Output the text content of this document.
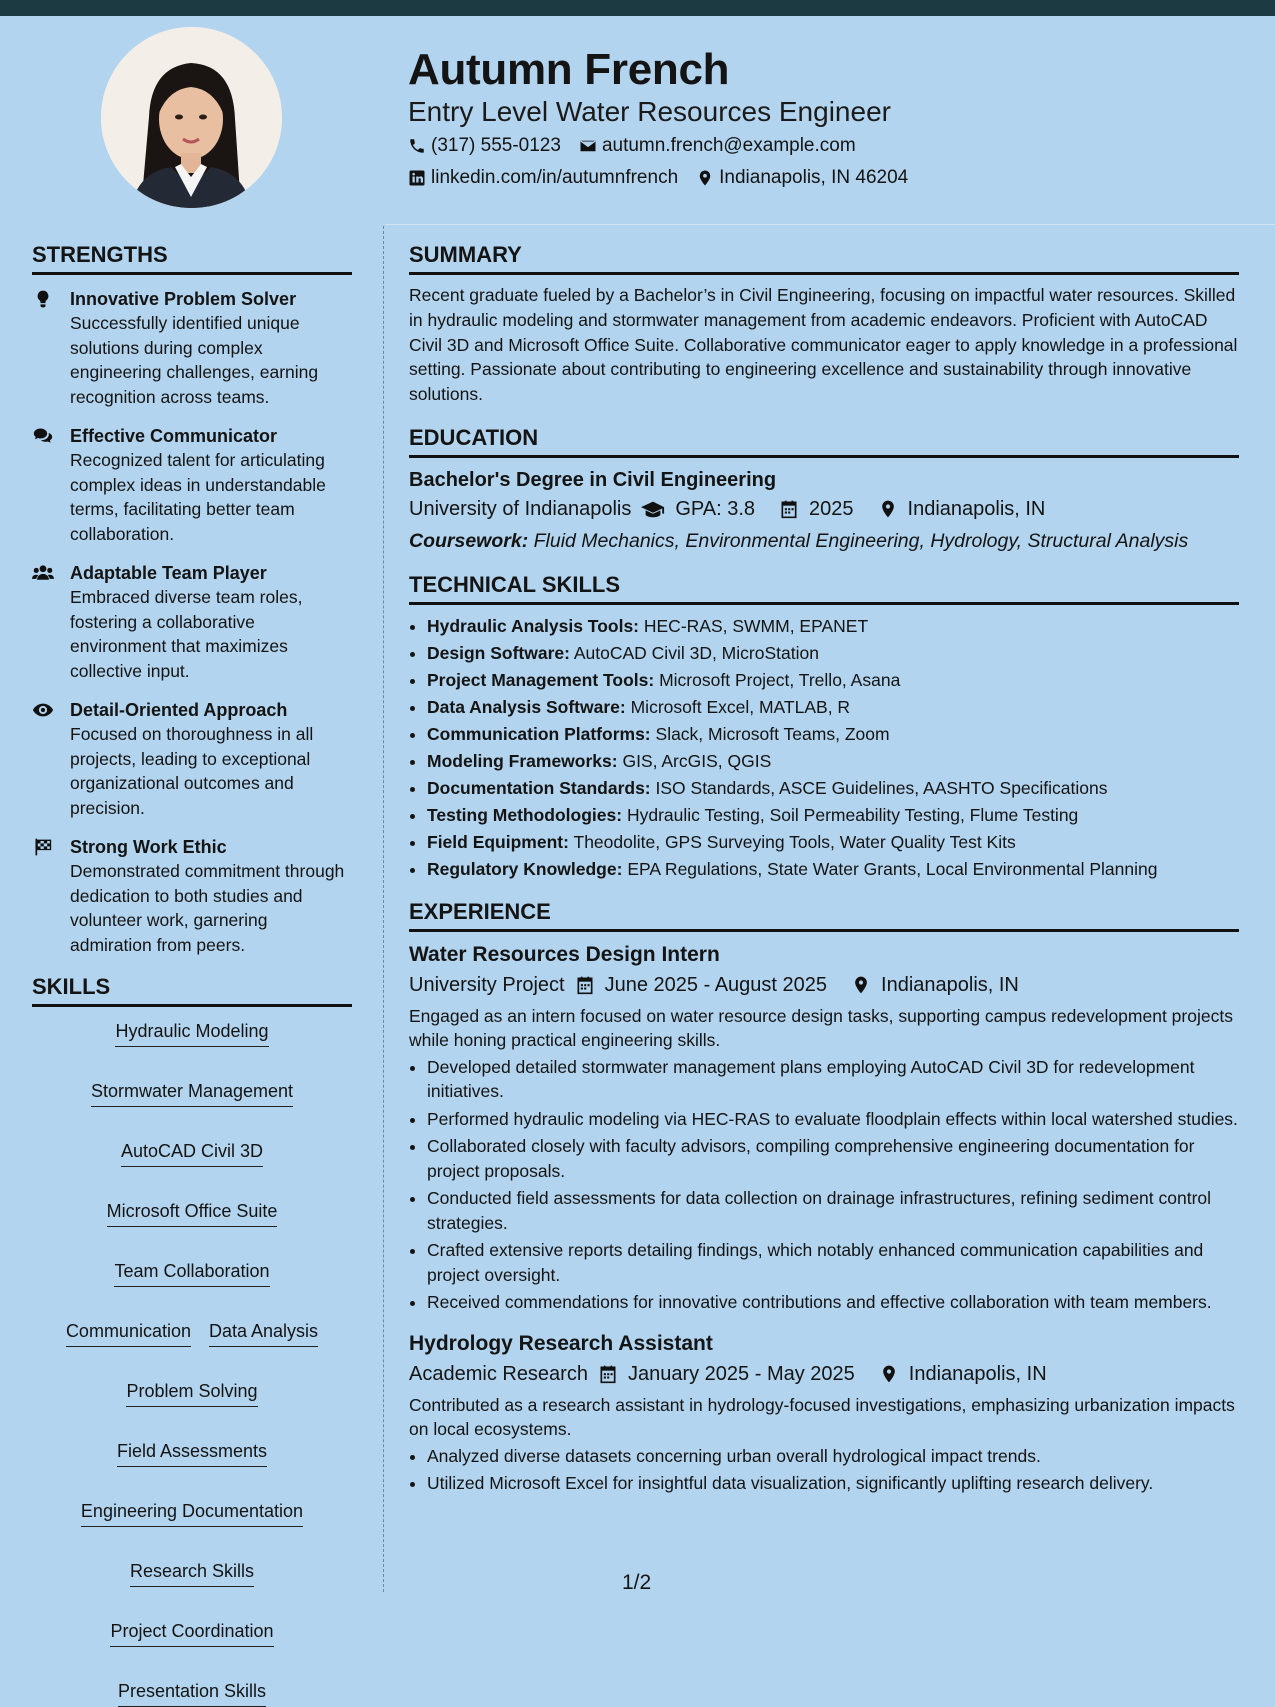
Autumn French
Entry Level Water Resources Engineer
(317) 555-0123 autumn.french@example.com
linkedin.com/in/autumnfrench Indianapolis, IN 46204
STRENGTHS
Innovative Problem Solver
Successfully identified unique solutions during complex engineering challenges, earning recognition across teams.
Effective Communicator
Recognized talent for articulating complex ideas in understandable terms, facilitating better team collaboration.
Adaptable Team Player
Embraced diverse team roles, fostering a collaborative environment that maximizes collective input.
Detail-Oriented Approach
Focused on thoroughness in all projects, leading to exceptional organizational outcomes and precision.
Strong Work Ethic
Demonstrated commitment through dedication to both studies and volunteer work, garnering admiration from peers.
SKILLS
Hydraulic Modeling
Stormwater Management
AutoCAD Civil 3D
Microsoft Office Suite
Team Collaboration
Communication Data Analysis
Problem Solving
Field Assessments
Engineering Documentation
Research Skills
Project Coordination
Presentation Skills
SUMMARY

Recent graduate fueled by a Bachelor’s in Civil Engineering, focusing on impactful water resources. Skilled in hydraulic modeling and stormwater management from academic endeavors. Proficient with AutoCAD Civil 3D and Microsoft Office Suite. Collaborative communicator eager to apply knowledge in a professional setting. Passionate about contributing to engineering excellence and sustainability through innovative solutions.

EDUCATION
Bachelor's Degree in Civil Engineering
University of Indianapolis GPA: 3.8	2025	Indianapolis, IN
Coursework: Fluid Mechanics, Environmental Engineering, Hydrology, Structural Analysis
TECHNICAL SKILLS
• Hydraulic Analysis Tools: HEC-RAS, SWMM, EPANET
• Design Software: AutoCAD Civil 3D, MicroStation
• Project Management Tools: Microsoft Project, Trello, Asana
• Data Analysis Software: Microsoft Excel, MATLAB, R
• Communication Platforms: Slack, Microsoft Teams, Zoom
• Modeling Frameworks: GIS, ArcGIS, QGIS
• Documentation Standards: ISO Standards, ASCE Guidelines, AASHTO Specifications
• Testing Methodologies: Hydraulic Testing, Soil Permeability Testing, Flume Testing
• Field Equipment: Theodolite, GPS Surveying Tools, Water Quality Test Kits
• Regulatory Knowledge: EPA Regulations, State Water Grants, Local Environmental Planning
EXPERIENCE
Water Resources Design Intern
University Project June 2025 - August 2025	Indianapolis, IN

Engaged as an intern focused on water resource design tasks, supporting campus redevelopment projects while honing practical engineering skills.

• Developed detailed stormwater management plans employing AutoCAD Civil 3D for redevelopment initiatives.
• Performed hydraulic modeling via HEC-RAS to evaluate floodplain effects within local watershed studies.
• Collaborated closely with faculty advisors, compiling comprehensive engineering documentation for project proposals.
• Conducted field assessments for data collection on drainage infrastructures, refining sediment control strategies.
• Crafted extensive reports detailing findings, which notably enhanced communication capabilities and project oversight.
• Received commendations for innovative contributions and effective collaboration with team members.
Hydrology Research Assistant
Academic Research January 2025 - May 2025	Indianapolis, IN

Contributed as a research assistant in hydrology-focused investigations, emphasizing urbanization impacts on local ecosystems.

• Analyzed diverse datasets concerning urban overall hydrological impact trends.
• Utilized Microsoft Excel for insightful data visualization, significantly uplifting research delivery.
1/2
